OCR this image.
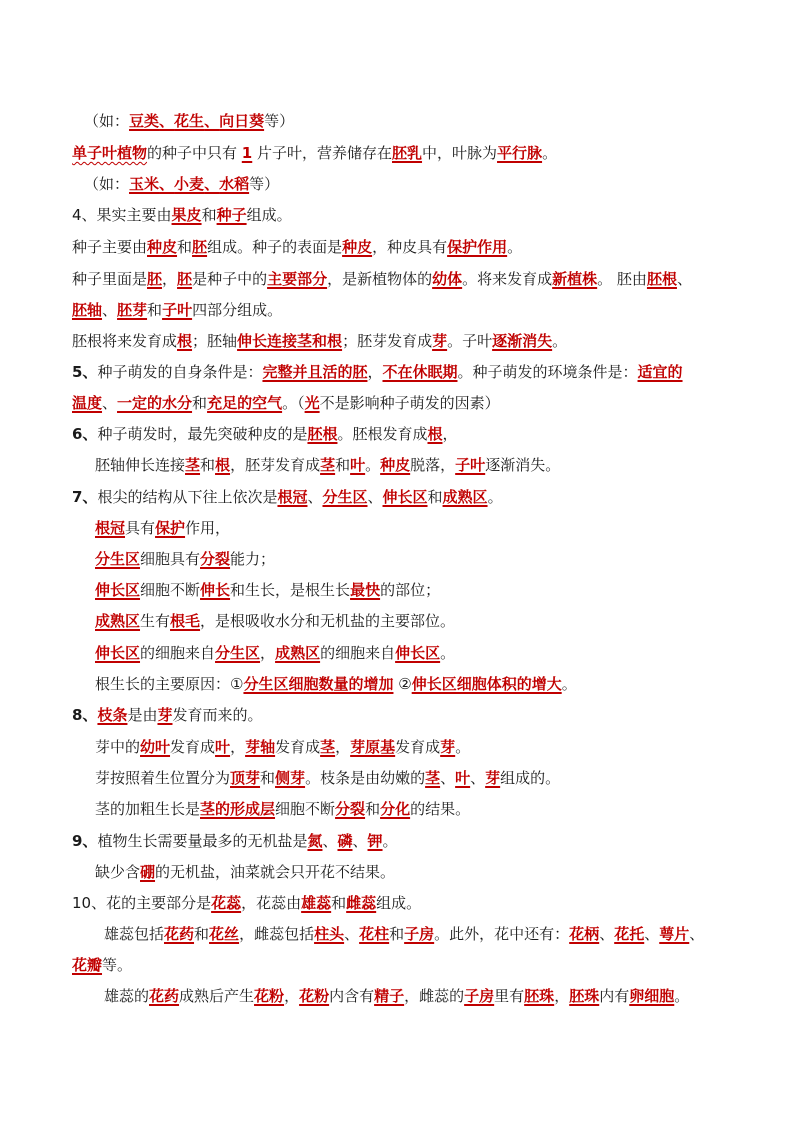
（如：豆类、花生、向日葵等）
单子叶植物的种子中只有 1 片子叶，营养储存在胚乳中，叶脉为平行脉。
（如：玉米、小麦、水稻等）
4、果实主要由果皮和种子组成。
种子主要由种皮和胚组成。种子的表面是种皮，种皮具有保护作用。
种子里面是胚，胚是种子中的主要部分，是新植物体的幼体。将来发育成新植株。 胚由胚根、
胚轴、胚芽和子叶四部分组成。
胚根将来发育成根；胚轴伸长连接茎和根；胚芽发育成芽。子叶逐渐消失。
5、种子萌发的自身条件是：完整并且活的胚，不在休眠期。种子萌发的环境条件是：适宜的
温度、一定的水分和充足的空气。（光不是影响种子萌发的因素）
6、种子萌发时，最先突破种皮的是胚根。胚根发育成根，
胚轴伸长连接茎和根，胚芽发育成茎和叶。种皮脱落，子叶逐渐消失。
7、根尖的结构从下往上依次是根冠、分生区、伸长区和成熟区。
根冠具有保护作用，
分生区细胞具有分裂能力；
伸长区细胞不断伸长和生长，是根生长最快的部位；
成熟区生有根毛，是根吸收水分和无机盐的主要部位。
伸长区的细胞来自分生区，成熟区的细胞来自伸长区。
根生长的主要原因：①分生区细胞数量的增加 ②伸长区细胞体积的增大。
8、枝条是由芽发育而来的。
芽中的幼叶发育成叶，芽轴发育成茎，芽原基发育成芽。
芽按照着生位置分为顶芽和侧芽。枝条是由幼嫩的茎、叶、芽组成的。
茎的加粗生长是茎的形成层细胞不断分裂和分化的结果。
9、植物生长需要量最多的无机盐是氮、磷、钾。
缺少含硼的无机盐，油菜就会只开花不结果。
10、花的主要部分是花蕊，花蕊由雄蕊和雌蕊组成。
雄蕊包括花药和花丝，雌蕊包括柱头、花柱和子房。此外，花中还有：花柄、花托、萼片、
花瓣等。
雄蕊的花药成熟后产生花粉，花粉内含有精子，雌蕊的子房里有胚珠，胚珠内有卵细胞。
